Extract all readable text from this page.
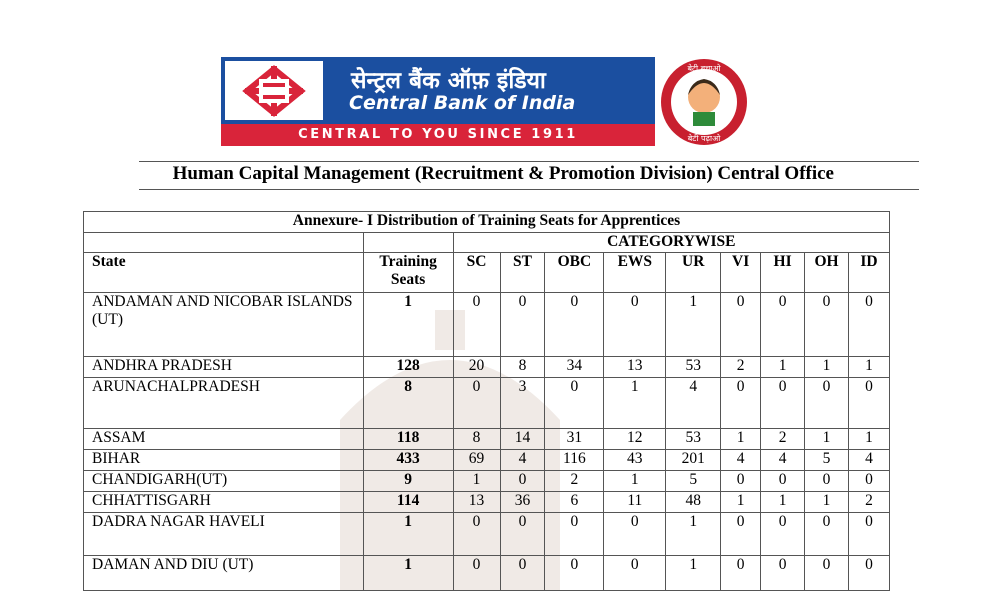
सेन्ट्रल बैंक ऑफ़ इंडिया
Central Bank of India
CENTRAL TO YOU SINCE 1911
बेटी बचाओ
बेटी पढ़ाओ
Human Capital Management (Recruitment & Promotion Division) Central Office
Annexure- I Distribution of Training Seats for Apprentices										
		CATEGORYWISE								
State	Training Seats	SC	ST	OBC	EWS	UR	VI	HI	OH	ID
ANDAMAN AND NICOBAR ISLANDS (UT)	1	0	0	0	0	1	0	0	0	0
ANDHRA PRADESH	128	20	8	34	13	53	2	1	1	1
ARUNACHALPRADESH	8	0	3	0	1	4	0	0	0	0
ASSAM	118	8	14	31	12	53	1	2	1	1
BIHAR	433	69	4	116	43	201	4	4	5	4
CHANDIGARH(UT)	9	1	0	2	1	5	0	0	0	0
CHHATTISGARH	114	13	36	6	11	48	1	1	1	2
DADRA NAGAR HAVELI	1	0	0	0	0	1	0	0	0	0
DAMAN AND DIU (UT)	1	0	0	0	0	1	0	0	0	0
